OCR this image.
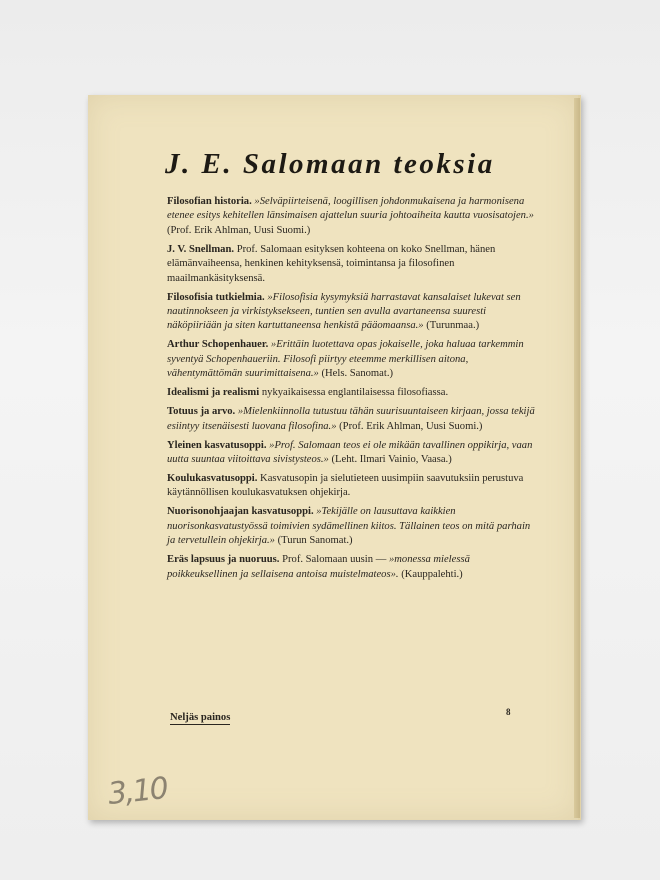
J. E. Salomaan teoksia
Filosofian historia. »Selväpiirteisenä, loogillisen johdonmukaisena ja harmonisena etenee esitys kehitellen länsimaisen ajattelun suuria johtoaiheita kautta vuosisatojen.» (Prof. Erik Ahlman, Uusi Suomi.)
J. V. Snellman. Prof. Salomaan esityksen kohteena on koko Snellman, hänen elämänvaiheensa, henkinen kehityksensä, toimintansa ja filosofinen maailmankäsityksensä.
Filosofisia tutkielmia. »Filosofisia kysymyksiä harrastavat kansalaiset lukevat sen nautinnokseen ja virkistyksekseen, tuntien sen avulla avartaneensa suuresti näköpiiriään ja siten kartuttaneensa henkistä pääomaansa.» (Turunmaa.)
Arthur Schopenhauer. »Erittäin luotettava opas jokaiselle, joka haluaa tarkemmin syventyä Schopenhaueriin. Filosofi piirtyy eteemme merkillisen aitona, vähentymättömän suurimittaisena.» (Hels. Sanomat.)
Idealismi ja realismi nykyaikaisessa englantilaisessa filosofiassa.
Totuus ja arvo. »Mielenkiinnolla tutustuu tähän suurisuuntaiseen kirjaan, jossa tekijä esiintyy itsenäisesti luovana filosofina.» (Prof. Erik Ahlman, Uusi Suomi.)
Yleinen kasvatusoppi. »Prof. Salomaan teos ei ole mikään tavallinen oppikirja, vaan uutta suuntaa viitoittava sivistysteos.» (Leht. Ilmari Vainio, Vaasa.)
Koulukasvatusoppi. Kasvatusopin ja sielutieteen uusimpiin saavutuksiin perustuva käytännöllisen koulukasvatuksen ohjekirja.
Nuorisonohjaajan kasvatusoppi. »Tekijälle on lausuttava kaikkien nuorisonkasvatustyössä toimivien sydämellinen kiitos. Tällainen teos on mitä parhain ja tervetullein ohjekirja.» (Turun Sanomat.)
Eräs lapsuus ja nuoruus. Prof. Salomaan uusin — »monessa mielessä poikkeuksellinen ja sellaisena antoisa muistelmateos». (Kauppalehti.)
Neljäs painos	8
3,10
